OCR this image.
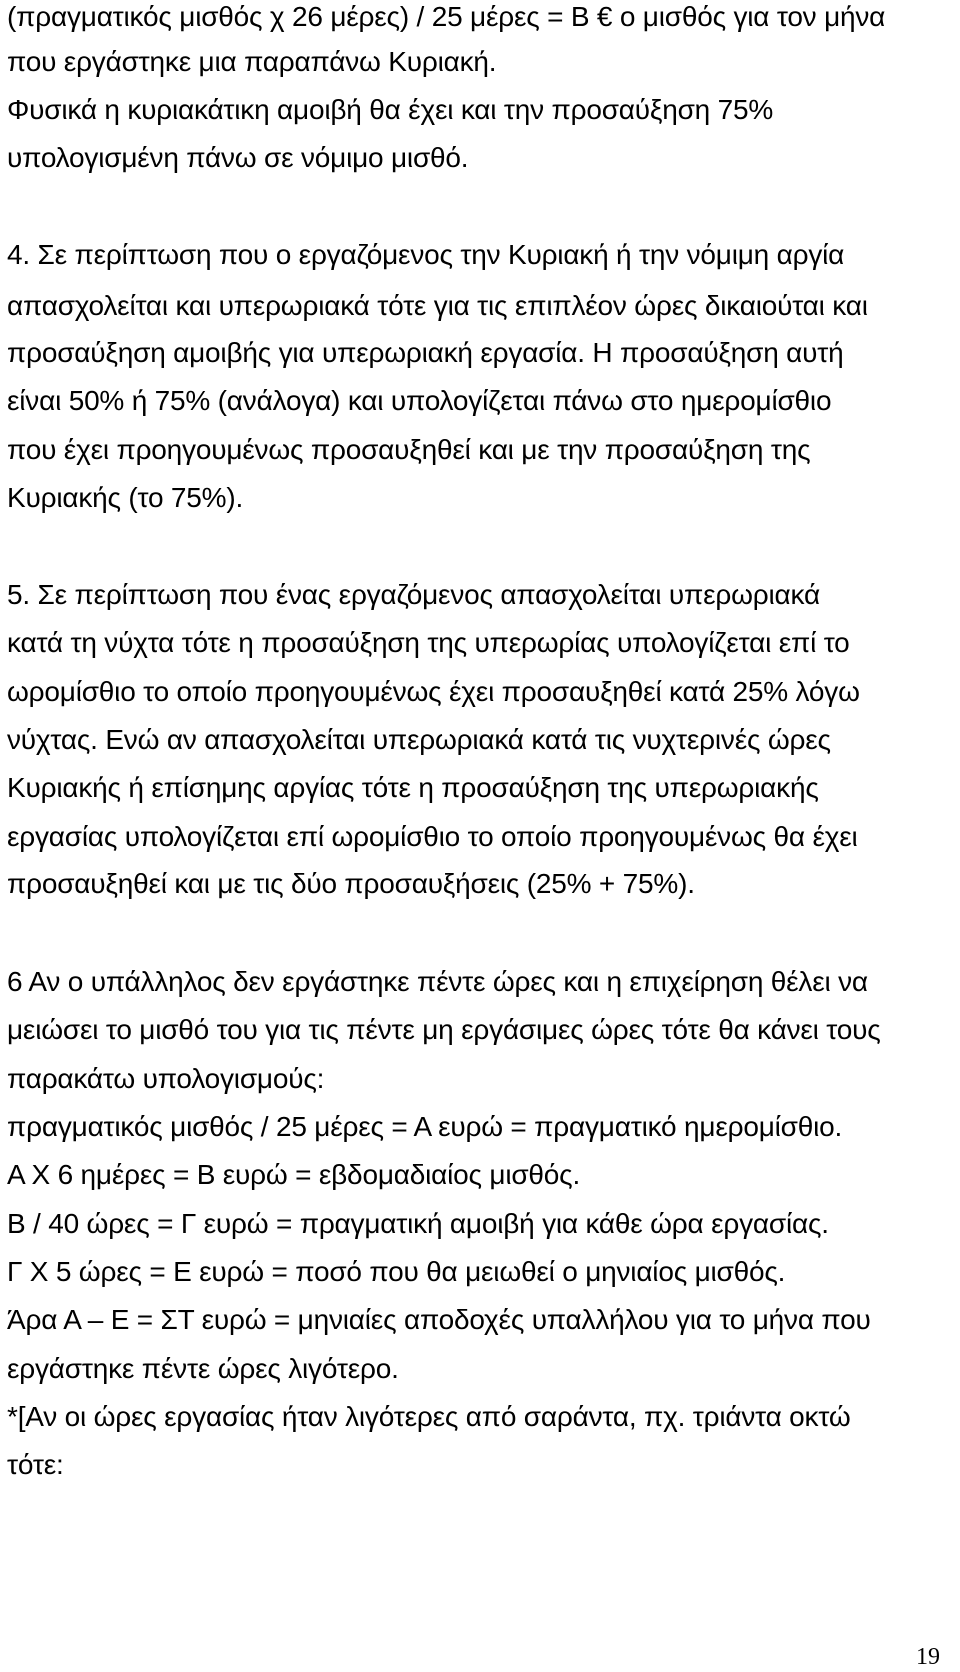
(πραγματικός μισθός χ 26 μέρες) / 25 μέρες = Β € ο μισθός για τον μήνα
που εργάστηκε μια παραπάνω Κυριακή.
Φυσικά η κυριακάτικη αμοιβή θα έχει και την προσαύξηση 75%
υπολογισμένη πάνω σε νόμιμο μισθό.
4. Σε περίπτωση που ο εργαζόμενος την Κυριακή ή την νόμιμη αργία
απασχολείται και υπερωριακά τότε για τις επιπλέον ώρες δικαιούται και
προσαύξηση αμοιβής για υπερωριακή εργασία. Η προσαύξηση αυτή
είναι 50% ή 75% (ανάλογα) και υπολογίζεται πάνω στο ημερομίσθιο
που έχει προηγουμένως προσαυξηθεί και με την προσαύξηση της
Κυριακής (το 75%).
5. Σε περίπτωση που ένας εργαζόμενος απασχολείται υπερωριακά
κατά τη νύχτα τότε η προσαύξηση της υπερωρίας υπολογίζεται επί το
ωρομίσθιο το οποίο προηγουμένως έχει προσαυξηθεί κατά 25% λόγω
νύχτας. Ενώ αν απασχολείται υπερωριακά κατά τις νυχτερινές ώρες
Κυριακής ή επίσημης αργίας τότε η προσαύξηση της υπερωριακής
εργασίας υπολογίζεται επί ωρομίσθιο το οποίο προηγουμένως θα έχει
προσαυξηθεί και με τις δύο προσαυξήσεις (25% + 75%).
6 Αν ο υπάλληλος δεν εργάστηκε πέντε ώρες και η επιχείρηση θέλει να
μειώσει το μισθό του για τις πέντε μη εργάσιμες ώρες τότε θα κάνει τους
παρακάτω υπολογισμούς:
πραγματικός μισθός / 25 μέρες = Α ευρώ = πραγματικό ημερομίσθιο.
Α Χ 6 ημέρες = Β ευρώ = εβδομαδιαίος μισθός.
Β / 40 ώρες = Γ ευρώ = πραγματική αμοιβή για κάθε ώρα εργασίας.
Γ Χ 5 ώρες = Ε ευρώ = ποσό που θα μειωθεί ο μηνιαίος μισθός.
Άρα Α – Ε = ΣΤ ευρώ = μηνιαίες αποδοχές υπαλλήλου για το μήνα που
εργάστηκε πέντε ώρες λιγότερο.
*[Αν οι ώρες εργασίας ήταν λιγότερες από σαράντα, πχ. τριάντα οκτώ
τότε:
19
